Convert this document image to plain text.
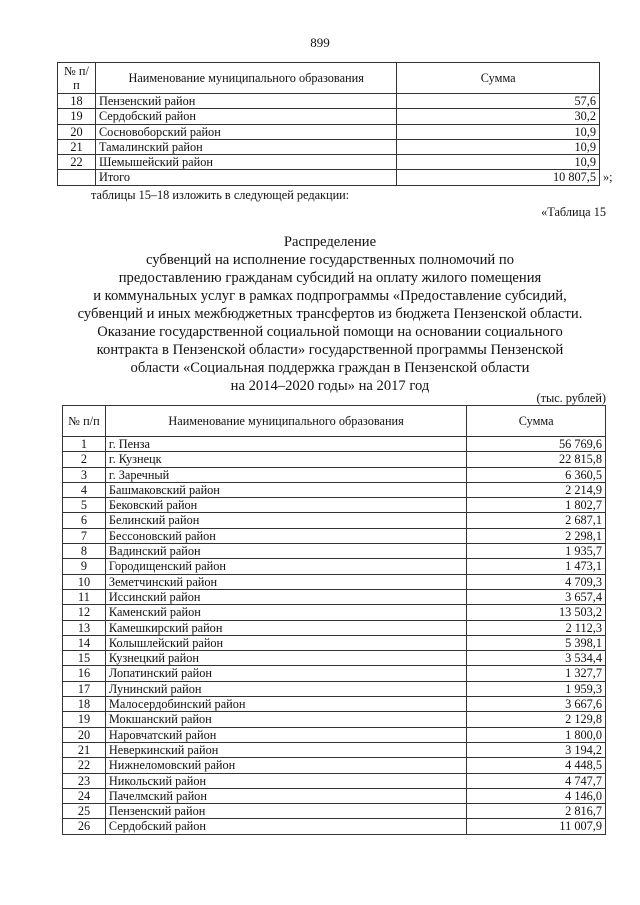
899
№ п/п	Наименование муниципального образования	Сумма
18	Пензенский район	57,6
19	Сердобский район	30,2
20	Сосновоборский район	10,9
21	Тамалинский район	10,9
22	Шемышейский район	10,9
	Итого	10 807,5 »;
таблицы 15–18 изложить в следующей редакции:
«Таблица 15
Распределение
субвенций на исполнение государственных полномочий по
предоставлению гражданам субсидий на оплату жилого помещения
и коммунальных услуг в рамках подпрограммы «Предоставление субсидий,
субвенций и иных межбюджетных трансфертов из бюджета Пензенской области.
Оказание государственной социальной помощи на основании социального
контракта в Пензенской области» государственной программы Пензенской
области «Социальная поддержка граждан в Пензенской области
на 2014–2020 годы» на 2017 год
(тыс. рублей)
№ п/п	Наименование муниципального образования	Сумма
1	г. Пенза	56 769,6
2	г. Кузнецк	22 815,8
3	г. Заречный	6 360,5
4	Башмаковский район	2 214,9
5	Бековский район	1 802,7
6	Белинский район	2 687,1
7	Бессоновский район	2 298,1
8	Вадинский район	1 935,7
9	Городищенский район	1 473,1
10	Земетчинский район	4 709,3
11	Иссинский район	3 657,4
12	Каменский район	13 503,2
13	Камешкирский район	2 112,3
14	Колышлейский район	5 398,1
15	Кузнецкий район	3 534,4
16	Лопатинский район	1 327,7
17	Лунинский район	1 959,3
18	Малосердобинский район	3 667,6
19	Мокшанский район	2 129,8
20	Наровчатский район	1 800,0
21	Неверкинский район	3 194,2
22	Нижнеломовский район	4 448,5
23	Никольский район	4 747,7
24	Пачелмский район	4 146,0
25	Пензенский район	2 816,7
26	Сердобский район	11 007,9
